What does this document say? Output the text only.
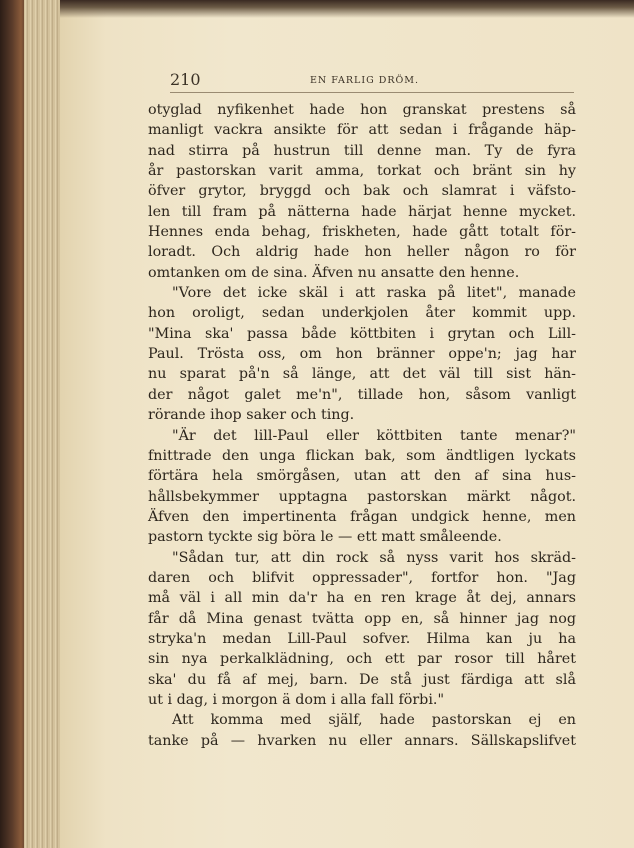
210	EN FARLIG DRÖM.
otyglad nyfikenhet hade hon granskat prestens så
manligt vackra ansikte för att sedan i frågande häp-
nad stirra på hustrun till denne man. Ty de fyra
år pastorskan varit amma, torkat och bränt sin hy
öfver grytor, bryggd och bak och slamrat i väfsto-
len till fram på nätterna hade härjat henne mycket.
Hennes enda behag, friskheten, hade gått totalt för-
loradt. Och aldrig hade hon heller någon ro för
omtanken om de sina. Äfven nu ansatte den henne.
"Vore det icke skäl i att raska på litet", manade
hon oroligt, sedan underkjolen åter kommit upp.
"Mina ska' passa både köttbiten i grytan och Lill-
Paul. Trösta oss, om hon bränner oppe'n; jag har
nu sparat på'n så länge, att det väl till sist hän-
der något galet me'n", tillade hon, såsom vanligt
rörande ihop saker och ting.
"Är det lill-Paul eller köttbiten tante menar?"
fnittrade den unga flickan bak, som ändtligen lyckats
förtära hela smörgåsen, utan att den af sina hus-
hållsbekymmer upptagna pastorskan märkt något.
Äfven den impertinenta frågan undgick henne, men
pastorn tyckte sig böra le — ett matt småleende.
"Sådan tur, att din rock så nyss varit hos skräd-
daren och blifvit oppressader", fortfor hon. "Jag
må väl i all min da'r ha en ren krage åt dej, annars
får då Mina genast tvätta opp en, så hinner jag nog
stryka'n medan Lill-Paul sofver. Hilma kan ju ha
sin nya perkalklädning, och ett par rosor till håret
ska' du få af mej, barn. De stå just färdiga att slå
ut i dag, i morgon ä dom i alla fall förbi."
Att komma med själf, hade pastorskan ej en
tanke på — hvarken nu eller annars. Sällskapslifvet
